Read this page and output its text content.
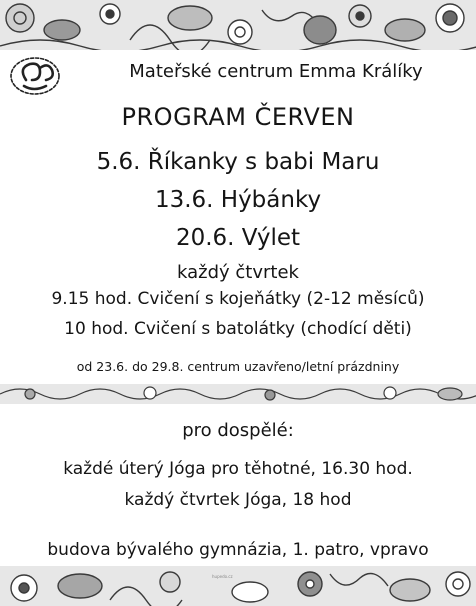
hupedo.cz
Mateřské centrum Emma Králíky
PROGRAM ČERVEN
5.6. Říkanky s babi Maru
13.6. Hýbánky
20.6. Výlet
každý čtvrtek
9.15 hod. Cvičení s kojeňátky (2-12 měsíců)
10 hod. Cvičení s batolátky (chodící děti)
od 23.6. do 29.8. centrum uzavřeno/letní prázdniny
pro dospělé:
každé úterý Jóga pro těhotné, 16.30 hod.
každý čtvrtek Jóga, 18 hod
budova bývalého gymnázia, 1. patro, vpravo
